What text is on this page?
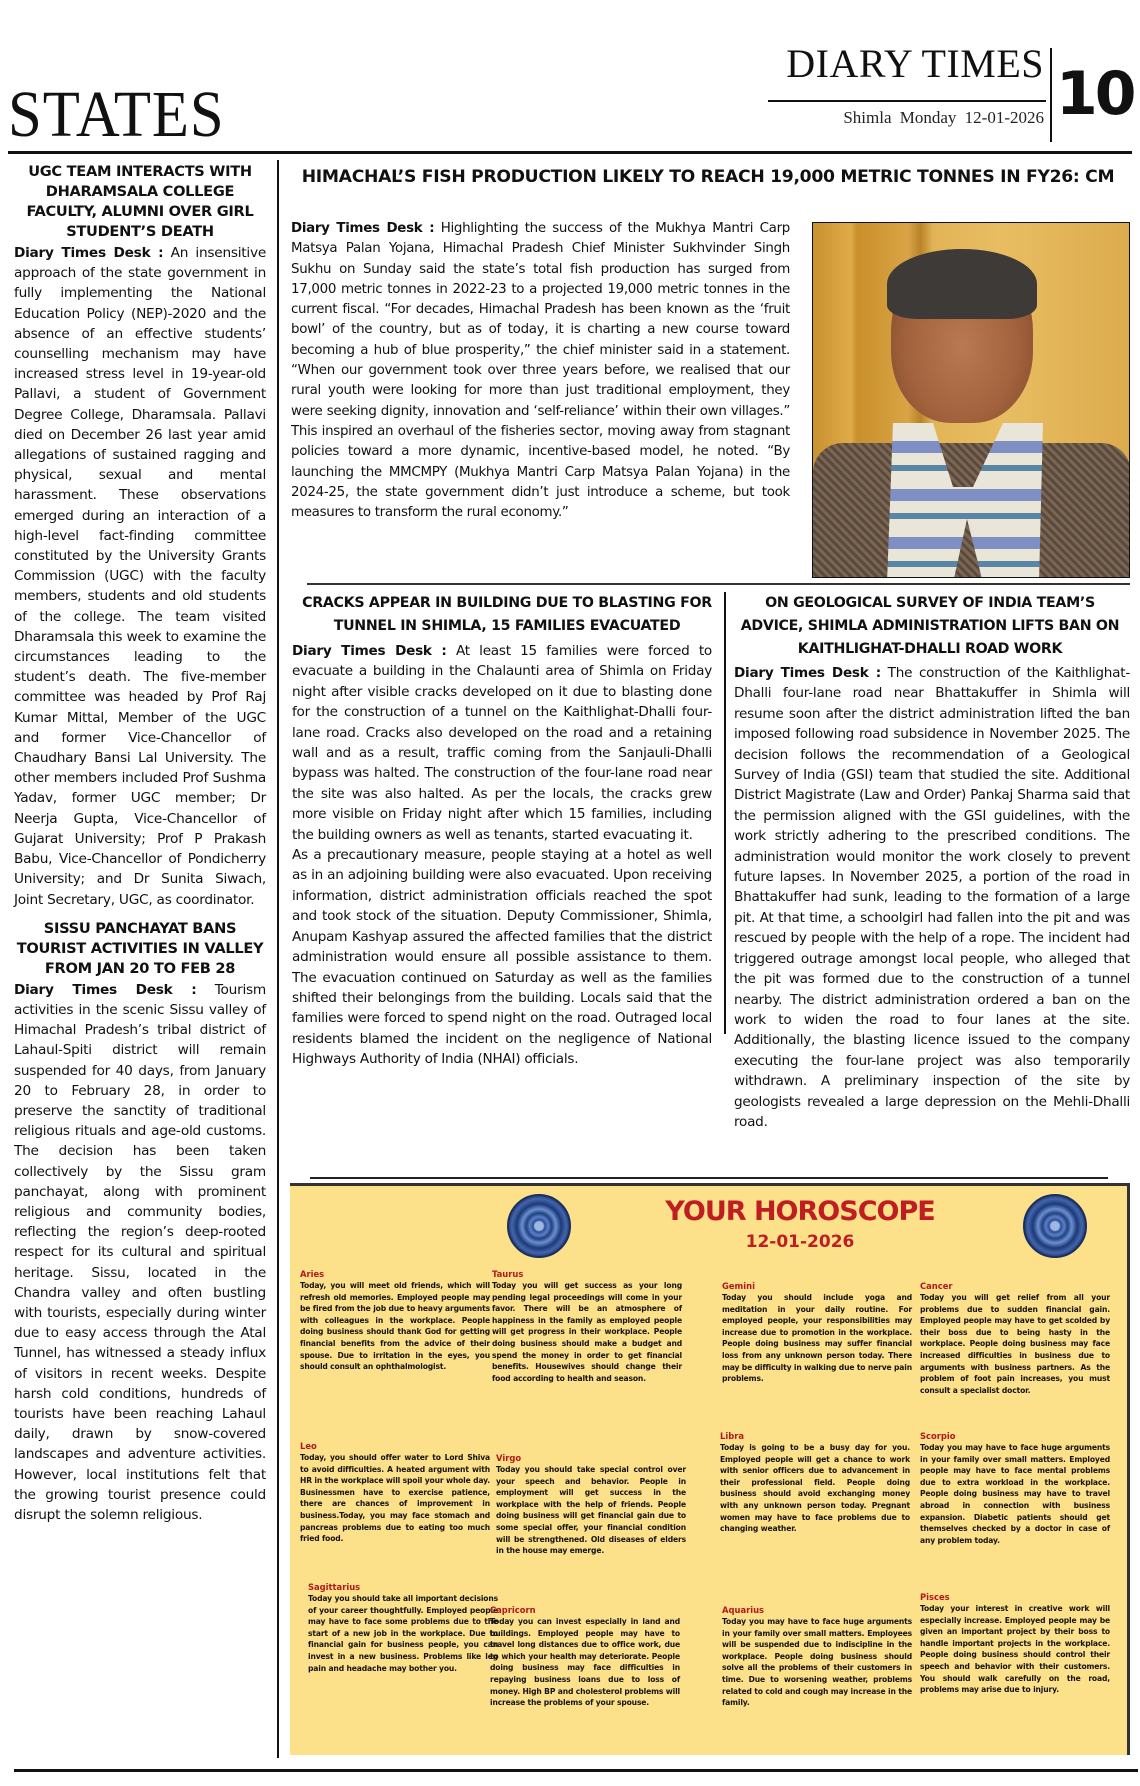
STATES
DIARY TIMES
Shimla Monday 12-01-2026 10
UGC TEAM INTERACTS WITH DHARAMSALA COLLEGE FACULTY, ALUMNI OVER GIRL STUDENT’S DEATH
Diary Times Desk : An insensitive approach of the state government in fully implementing the National Education Policy (NEP)-2020 and the absence of an effective students’ counselling mechanism may have increased stress level in 19-year-old Pallavi, a student of Government Degree College, Dharamsala. Pallavi died on December 26 last year amid allegations of sustained ragging and physical, sexual and mental harassment. These observations emerged during an interaction of a high-level fact-finding committee constituted by the University Grants Commission (UGC) with the faculty members, students and old students of the college. The team visited Dharamsala this week to examine the circumstances leading to the student’s death. The five-member committee was headed by Prof Raj Kumar Mittal, Member of the UGC and former Vice-Chancellor of Chaudhary Bansi Lal University. The other members included Prof Sushma Yadav, former UGC member; Dr Neerja Gupta, Vice-Chancellor of Gujarat University; Prof P Prakash Babu, Vice-Chancellor of Pondicherry University; and Dr Sunita Siwach, Joint Secretary, UGC, as coordinator.
SISSU PANCHAYAT BANS TOURIST ACTIVITIES IN VALLEY FROM JAN 20 TO FEB 28
Diary Times Desk : Tourism activities in the scenic Sissu valley of Himachal Pradesh’s tribal district of Lahaul-Spiti district will remain suspended for 40 days, from January 20 to February 28, in order to preserve the sanctity of traditional religious rituals and age-old customs. The decision has been taken collectively by the Sissu gram panchayat, along with prominent religious and community bodies, reflecting the region’s deep-rooted respect for its cultural and spiritual heritage. Sissu, located in the Chandra valley and often bustling with tourists, especially during winter due to easy access through the Atal Tunnel, has witnessed a steady influx of visitors in recent weeks. Despite harsh cold conditions, hundreds of tourists have been reaching Lahaul daily, drawn by snow-covered landscapes and adventure activities. However, local institutions felt that the growing tourist presence could disrupt the solemn religious.
HIMACHAL’S FISH PRODUCTION LIKELY TO REACH 19,000 METRIC TONNES IN FY26: CM
Diary Times Desk : Highlighting the success of the Mukhya Mantri Carp Matsya Palan Yojana, Himachal Pradesh Chief Minister Sukhvinder Singh Sukhu on Sunday said the state’s total fish production has surged from 17,000 metric tonnes in 2022-23 to a projected 19,000 metric tonnes in the current fiscal. “For decades, Himachal Pradesh has been known as the ‘fruit bowl’ of the country, but as of today, it is charting a new course toward becoming a hub of blue prosperity,” the chief minister said in a statement. “When our government took over three years before, we realised that our rural youth were looking for more than just traditional employment, they were seeking dignity, innovation and ‘self-reliance’ within their own villages.” This inspired an overhaul of the fisheries sector, moving away from stagnant policies toward a more dynamic, incentive-based model, he noted. “By launching the MMCMPY (Mukhya Mantri Carp Matsya Palan Yojana) in the 2024-25, the state government didn’t just introduce a scheme, but took measures to transform the rural economy.”
CRACKS APPEAR IN BUILDING DUE TO BLASTING FOR TUNNEL IN SHIMLA, 15 FAMILIES EVACUATED
Diary Times Desk : At least 15 families were forced to evacuate a building in the Chalaunti area of Shimla on Friday night after visible cracks developed on it due to blasting done for the construction of a tunnel on the Kaithlighat-Dhalli four-lane road. Cracks also developed on the road and a retaining wall and as a result, traffic coming from the Sanjauli-Dhalli bypass was halted. The construction of the four-lane road near the site was also halted. As per the locals, the cracks grew more visible on Friday night after which 15 families, including the building owners as well as tenants, started evacuating it.
As a precautionary measure, people staying at a hotel as well as in an adjoining building were also evacuated. Upon receiving information, district administration officials reached the spot and took stock of the situation. Deputy Commissioner, Shimla, Anupam Kashyap assured the affected families that the district administration would ensure all possible assistance to them. The evacuation continued on Saturday as well as the families shifted their belongings from the building. Locals said that the families were forced to spend night on the road. Outraged local residents blamed the incident on the negligence of National Highways Authority of India (NHAI) officials.
ON GEOLOGICAL SURVEY OF INDIA TEAM’S ADVICE, SHIMLA ADMINISTRATION LIFTS BAN ON KAITHLIGHAT-DHALLI ROAD WORK
Diary Times Desk : The construction of the Kaithlighat-Dhalli four-lane road near Bhattakuffer in Shimla will resume soon after the district administration lifted the ban imposed following road subsidence in November 2025. The decision follows the recommendation of a Geological Survey of India (GSI) team that studied the site. Additional District Magistrate (Law and Order) Pankaj Sharma said that the permission aligned with the GSI guidelines, with the work strictly adhering to the prescribed conditions. The administration would monitor the work closely to prevent future lapses. In November 2025, a portion of the road in Bhattakuffer had sunk, leading to the formation of a large pit. At that time, a schoolgirl had fallen into the pit and was rescued by people with the help of a rope. The incident had triggered outrage amongst local people, who alleged that the pit was formed due to the construction of a tunnel nearby. The district administration ordered a ban on the work to widen the road to four lanes at the site. Additionally, the blasting licence issued to the company executing the four-lane project was also temporarily withdrawn. A preliminary inspection of the site by geologists revealed a large depression on the Mehli-Dhalli road.
YOUR HOROSCOPE
12-01-2026
Aries
Today, you will meet old friends, which will refresh old memories. Employed people may be fired from the job due to heavy arguments with colleagues in the workplace. People doing business should thank God for getting financial benefits from the advice of their spouse. Due to irritation in the eyes, you should consult an ophthalmologist.
Taurus
Today you will get success as your long pending legal proceedings will come in your favor. There will be an atmosphere of happiness in the family as employed people will get progress in their workplace. People doing business should make a budget and spend the money in order to get financial benefits. Housewives should change their food according to health and season.
Gemini
Today you should include yoga and meditation in your daily routine. For employed people, your responsibilities may increase due to promotion in the workplace. People doing business may suffer financial loss from any unknown person today. There may be difficulty in walking due to nerve pain problems.
Cancer
Today you will get relief from all your problems due to sudden financial gain. Employed people may have to get scolded by their boss due to being hasty in the workplace. People doing business may face increased difficulties in business due to arguments with business partners. As the problem of foot pain increases, you must consult a specialist doctor.
Leo
Today, you should offer water to Lord Shiva to avoid difficulties. A heated argument with HR in the workplace will spoil your whole day. Businessmen have to exercise patience, there are chances of improvement in business.Today, you may face stomach and pancreas problems due to eating too much fried food.
Virgo
Today you should take special control over your speech and behavior. People in employment will get success in the workplace with the help of friends. People doing business will get financial gain due to some special offer, your financial condition will be strengthened. Old diseases of elders in the house may emerge.
Libra
Today is going to be a busy day for you. Employed people will get a chance to work with senior officers due to advancement in their professional field. People doing business should avoid exchanging money with any unknown person today. Pregnant women may have to face problems due to changing weather.
Scorpio
Today you may have to face huge arguments in your family over small matters. Employed people may have to face mental problems due to extra workload in the workplace. People doing business may have to travel abroad in connection with business expansion. Diabetic patients should get themselves checked by a doctor in case of any problem today.
Sagittarius
Today you should take all important decisions of your career thoughtfully. Employed people may have to face some problems due to the start of a new job in the workplace. Due to financial gain for business people, you can invest in a new business. Problems like leg pain and headache may bother you.
Capricorn
Today you can invest especially in land and buildings. Employed people may have to travel long distances due to office work, due to which your health may deteriorate. People doing business may face difficulties in repaying business loans due to loss of money. High BP and cholesterol problems will increase the problems of your spouse.
Aquarius
Today you may have to face huge arguments in your family over small matters. Employees will be suspended due to indiscipline in the workplace. People doing business should solve all the problems of their customers in time. Due to worsening weather, problems related to cold and cough may increase in the family.
Pisces
Today your interest in creative work will especially increase. Employed people may be given an important project by their boss to handle important projects in the workplace. People doing business should control their speech and behavior with their customers. You should walk carefully on the road, problems may arise due to injury.
